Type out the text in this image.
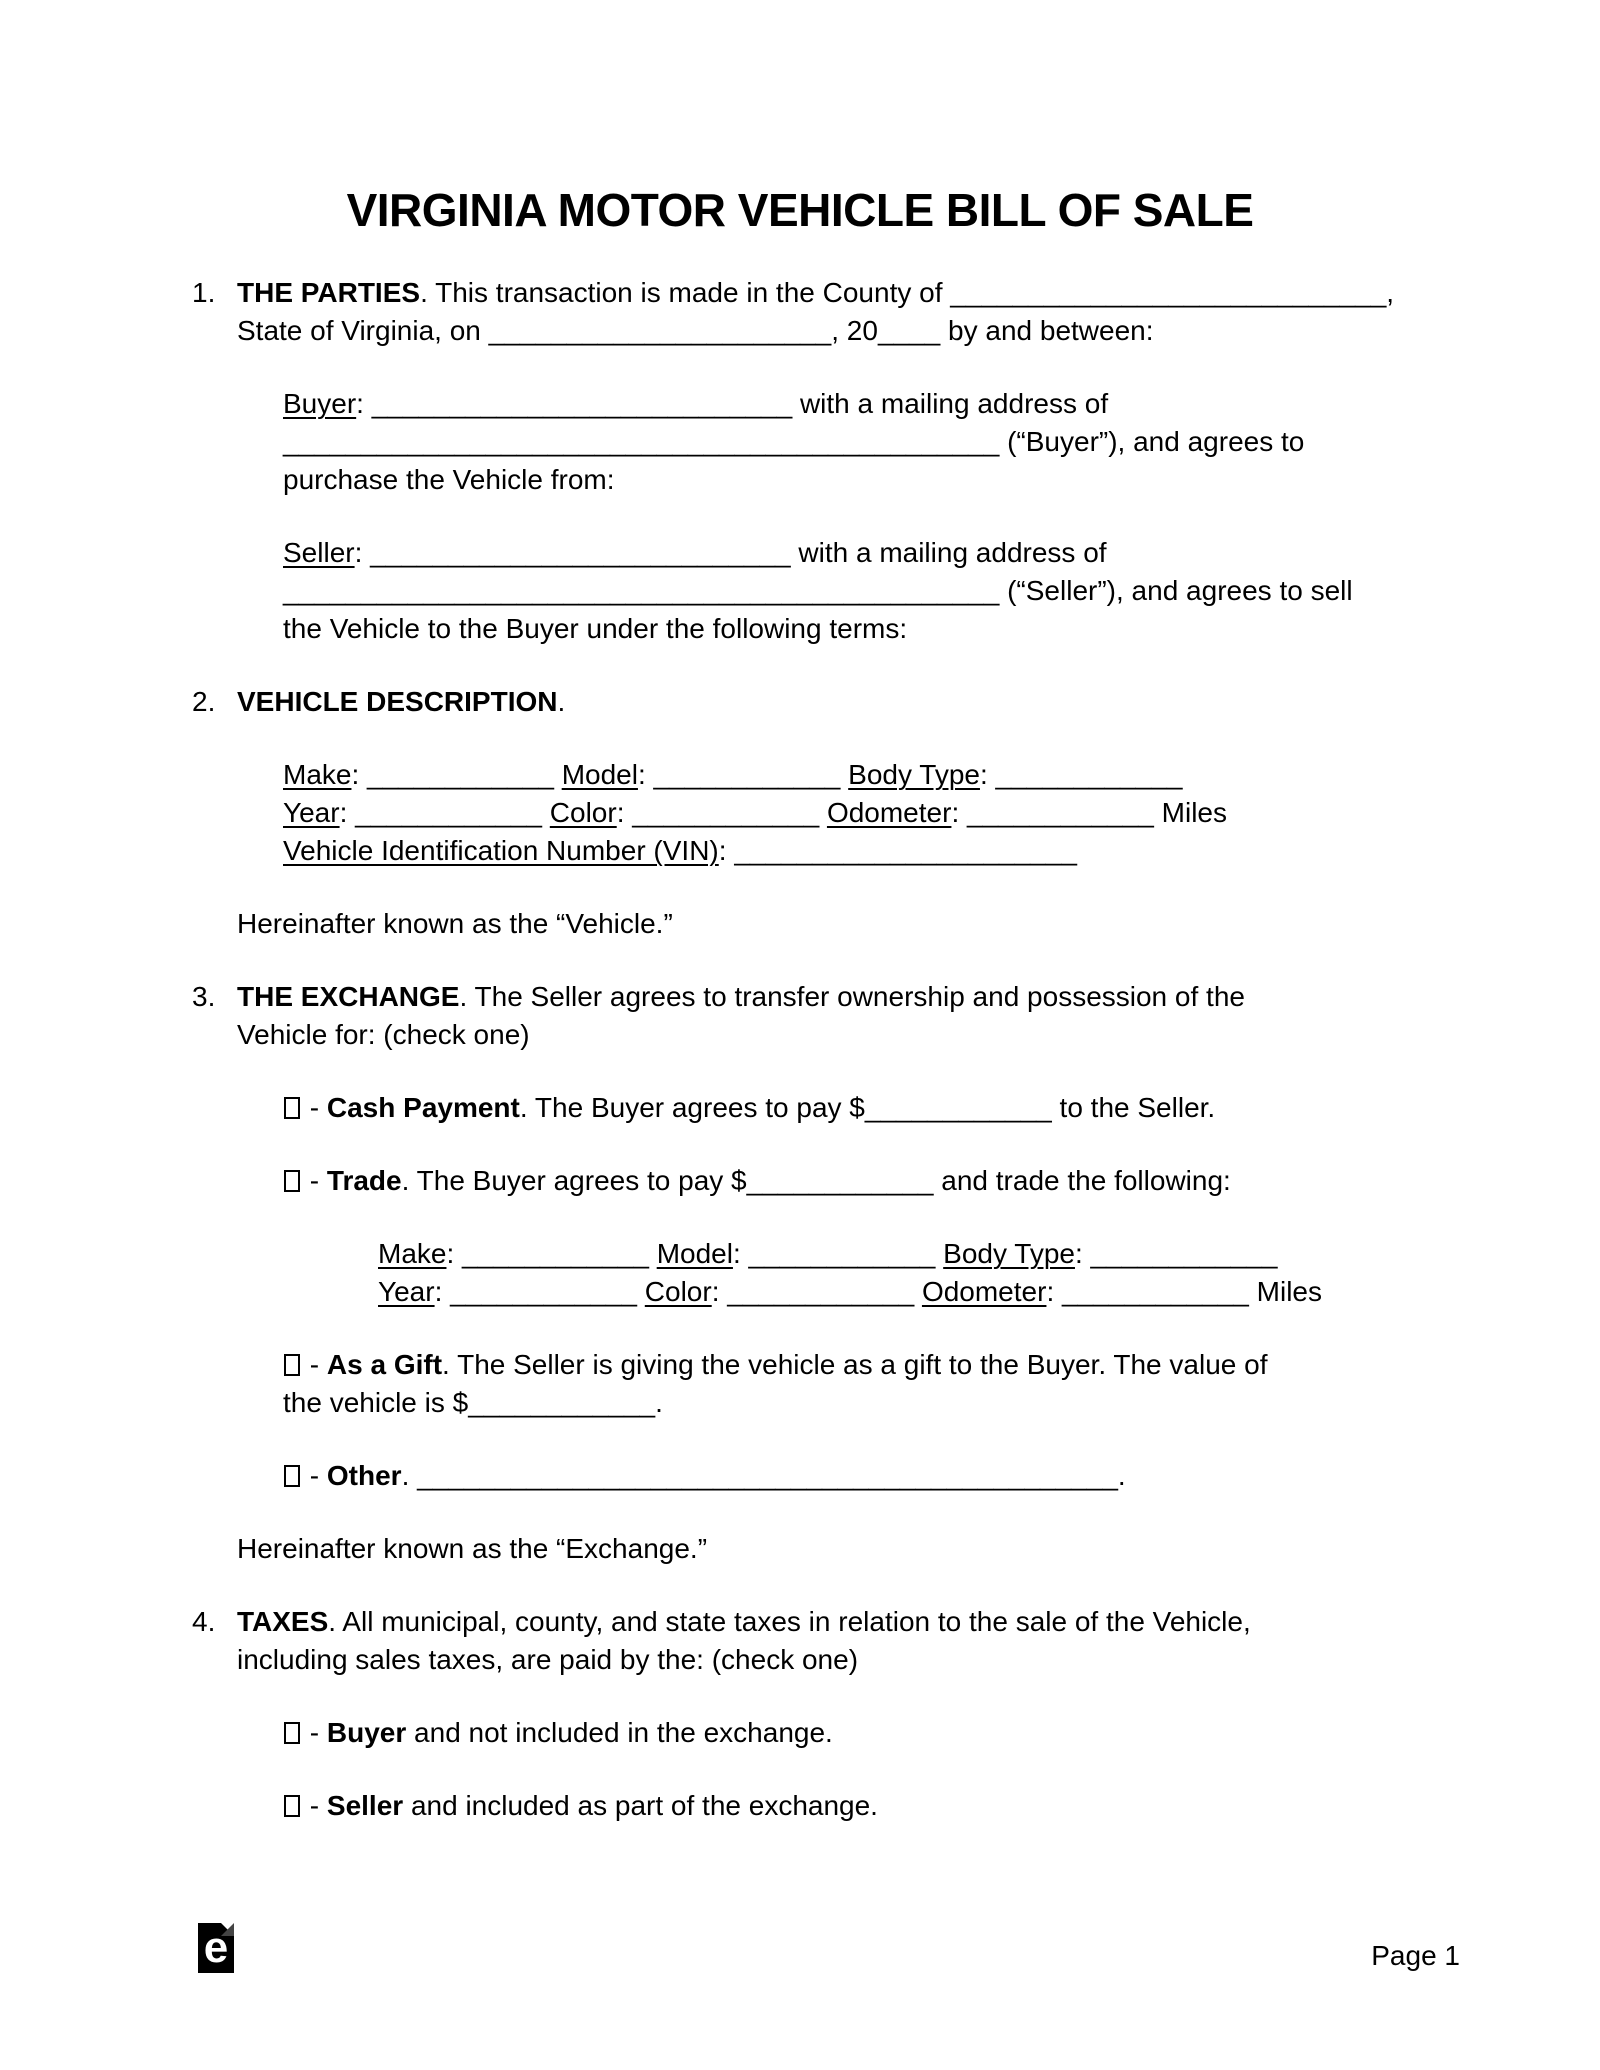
VIRGINIA MOTOR VEHICLE BILL OF SALE
1. THE PARTIES. This transaction is made in the County of ____________________________,
State of Virginia, on ______________________, 20____ by and between:
Buyer: ___________________________ with a mailing address of
______________________________________________ (“Buyer”), and agrees to
purchase the Vehicle from:
Seller: ___________________________ with a mailing address of
______________________________________________ (“Seller”), and agrees to sell
the Vehicle to the Buyer under the following terms:
2. VEHICLE DESCRIPTION.
Make: ____________ Model: ____________ Body Type: ____________
Year: ____________ Color: ____________ Odometer: ____________ Miles
Vehicle Identification Number (VIN): ______________________
Hereinafter known as the “Vehicle.”
3. THE EXCHANGE. The Seller agrees to transfer ownership and possession of the
Vehicle for: (check one)
- Cash Payment. The Buyer agrees to pay $____________ to the Seller.
- Trade. The Buyer agrees to pay $____________ and trade the following:
Make: ____________ Model: ____________ Body Type: ____________
Year: ____________ Color: ____________ Odometer: ____________ Miles
- As a Gift. The Seller is giving the vehicle as a gift to the Buyer. The value of
the vehicle is $____________.
- Other. _____________________________________________.
Hereinafter known as the “Exchange.”
4. TAXES. All municipal, county, and state taxes in relation to the sale of the Vehicle,
including sales taxes, are paid by the: (check one)
- Buyer and not included in the exchange.
- Seller and included as part of the exchange.
e	Page 1
